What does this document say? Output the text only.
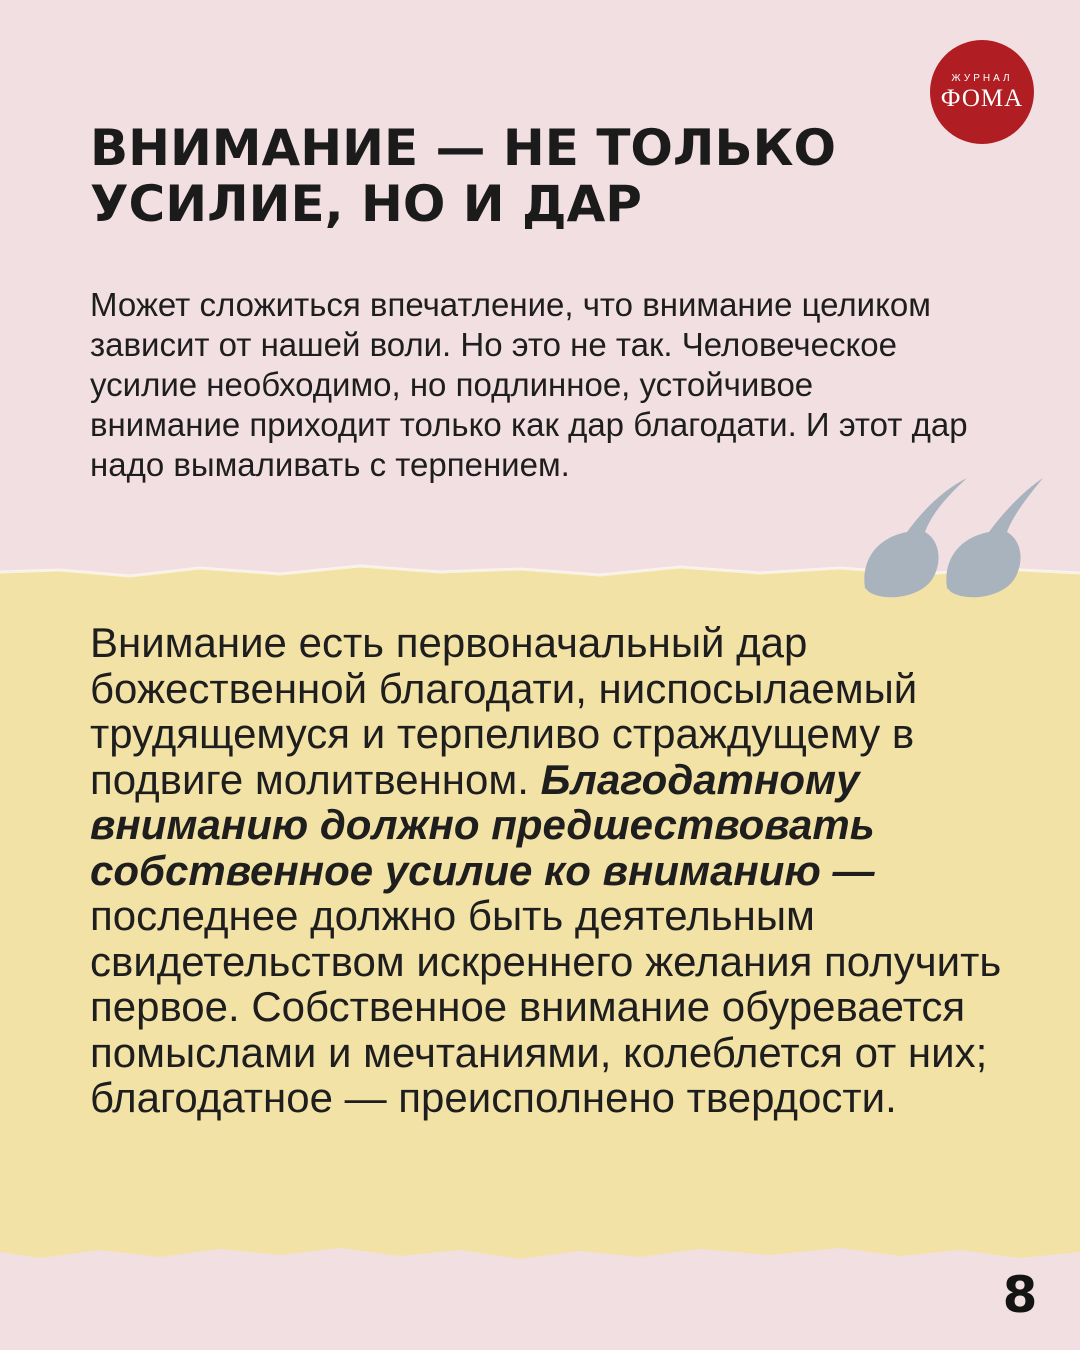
ЖУРНАЛ
ФОМА
ВНИМАНИЕ — НЕ ТОЛЬКО УСИЛИЕ, НО И ДАР

Может сложиться впечатление, что внимание целиком зависит от нашей воли. Но это не так. Человеческое усилие необходимо, но подлинное, устойчивое внимание приходит только как дар благодати. И этот дар надо вымаливать с терпением.

Внимание есть первоначальный дар божественной благодати, ниспосылаемый трудящемуся и терпеливо страждущему в подвиге молитвенном. Благодатному вниманию должно предшествовать собственное усилие ко вниманию — последнее должно быть деятельным свидетельством искреннего желания получить первое. Собственное внимание обуревается помыслами и мечтаниями, колеблется от них; благодатное — преисполнено твердости.

8
